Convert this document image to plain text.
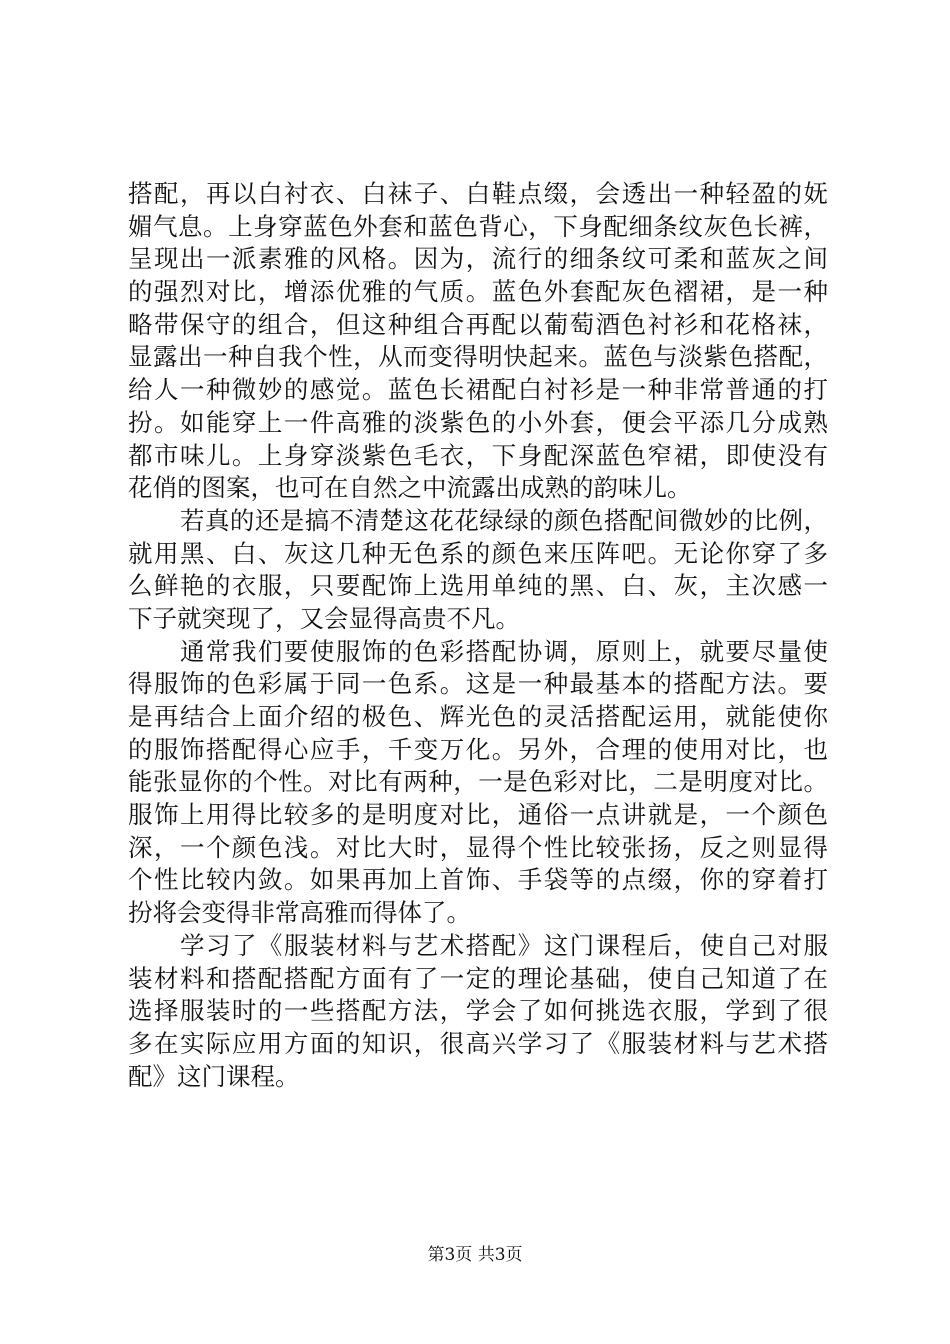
搭配，再以白衬衣、白袜子、白鞋点缀，会透出一种轻盈的妩
媚气息。上身穿蓝色外套和蓝色背心，下身配细条纹灰色长裤，
呈现出一派素雅的风格。因为，流行的细条纹可柔和蓝灰之间
的强烈对比，增添优雅的气质。蓝色外套配灰色褶裙，是一种
略带保守的组合，但这种组合再配以葡萄酒色衬衫和花格袜，
显露出一种自我个性，从而变得明快起来。蓝色与淡紫色搭配，
给人一种微妙的感觉。蓝色长裙配白衬衫是一种非常普通的打
扮。如能穿上一件高雅的淡紫色的小外套，便会平添几分成熟
都市味儿。上身穿淡紫色毛衣，下身配深蓝色窄裙，即使没有
花俏的图案，也可在自然之中流露出成熟的韵味儿。
若真的还是搞不清楚这花花绿绿的颜色搭配间微妙的比例，
就用黑、白、灰这几种无色系的颜色来压阵吧。无论你穿了多
么鲜艳的衣服，只要配饰上选用单纯的黑、白、灰，主次感一
下子就突现了，又会显得高贵不凡。
通常我们要使服饰的色彩搭配协调，原则上，就要尽量使
得服饰的色彩属于同一色系。这是一种最基本的搭配方法。要
是再结合上面介绍的极色、辉光色的灵活搭配运用，就能使你
的服饰搭配得心应手，千变万化。另外，合理的使用对比，也
能张显你的个性。对比有两种，一是色彩对比，二是明度对比。
服饰上用得比较多的是明度对比，通俗一点讲就是，一个颜色
深，一个颜色浅。对比大时，显得个性比较张扬，反之则显得
个性比较内敛。如果再加上首饰、手袋等的点缀，你的穿着打
扮将会变得非常高雅而得体了。
学习了《服装材料与艺术搭配》这门课程后，使自己对服
装材料和搭配搭配方面有了一定的理论基础，使自己知道了在
选择服装时的一些搭配方法，学会了如何挑选衣服，学到了很
多在实际应用方面的知识，很高兴学习了《服装材料与艺术搭
配》这门课程。
第3页 共3页
